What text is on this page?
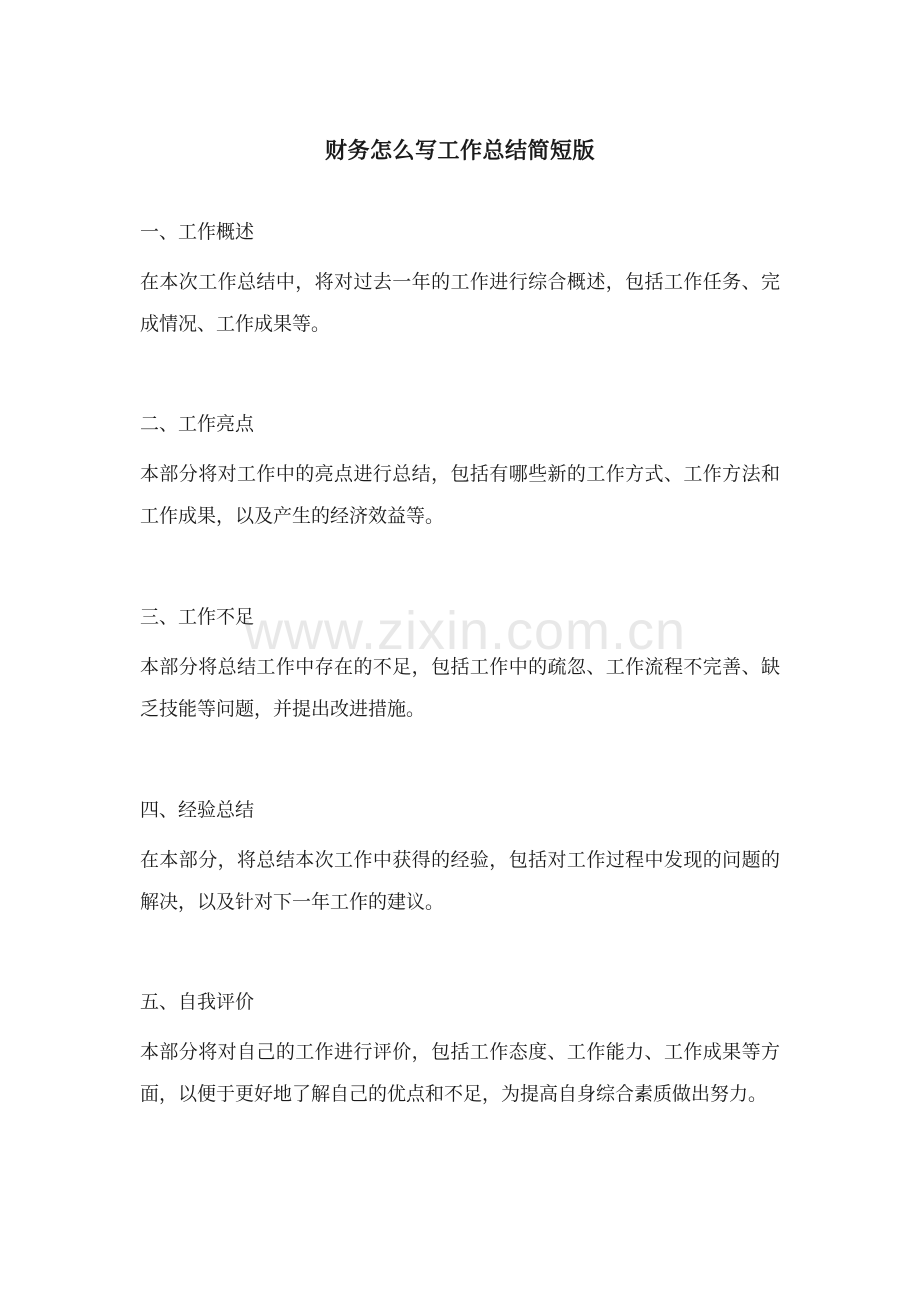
财务怎么写工作总结简短版

一、工作概述

在本次工作总结中，将对过去一年的工作进行综合概述，包括工作任务、完成情况、工作成果等。

二、工作亮点

本部分将对工作中的亮点进行总结，包括有哪些新的工作方式、工作方法和工作成果，以及产生的经济效益等。

三、工作不足

本部分将总结工作中存在的不足，包括工作中的疏忽、工作流程不完善、缺乏技能等问题，并提出改进措施。

四、经验总结

在本部分，将总结本次工作中获得的经验，包括对工作过程中发现的问题的解决，以及针对下一年工作的建议。

五、自我评价

本部分将对自己的工作进行评价，包括工作态度、工作能力、工作成果等方面，以便于更好地了解自己的优点和不足，为提高自身综合素质做出努力。

www.zixin.com.cn
